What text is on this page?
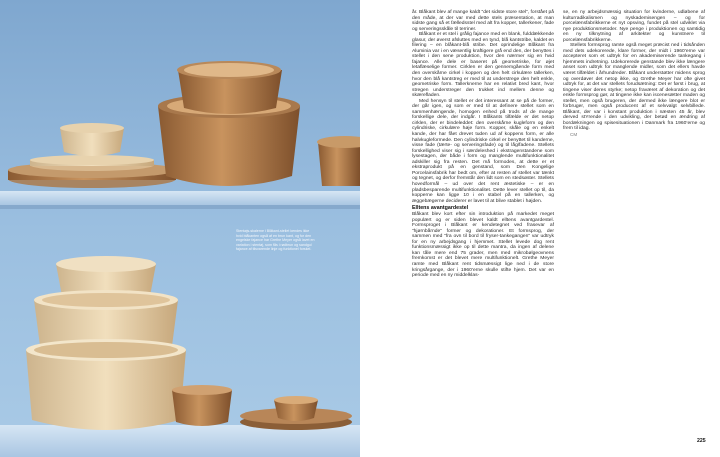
Stentøjs-skalerne i Blåkant-stellet kendes ikke hvid blåkanten også af en brun kant, og for den engelske fajance har Grethe Meyer også lavet en variation i stentøj, som fås i rødbrun og sandgul fajance af tilsvarende linje og funktionel forskel.

år. Blåkant blev af mange kaldt ”det sidste store stel”, forstået på den måde, at der var med dette stels præsentation, at man sidste gang så et fælledsstel med alt fra kopper, tallerkener, fade og serveringsskåle til terriner.

Blåkant er et stel i grålig fajance med en blank, fulddækkende glasur, der øverst afsluttes med en tynd, blå kantstribe, kaldet en filering – en blåkant-blå stribe. Det oprindelige Blåkant fra Aluminia var i en væsentlig kraftigere grå end den, der benyttes i stellet i den sene produktion, hvor den nærmer sig en hvid fajance. Alle dele er baseret på geometriske, for øjet letaflæselige former. Cirklen er den gennemgående form med den overskårne cirkel i koppen og den helt cirkulære tallerken, hvor den blå kantstreg er med til at understrege den helt enkle, geometriske form. Tallerknerne har en relativt bred kant, hvor stregen understreger den trukket ind mellem denne og skærefladen.

Med hensyn til stellet er det interessant at se på de former, der går igen, og som er med til at definere stellet som en sammenhængende, homogen enhed på trods af de mange forskellige dele, der indgår. I Blåkants tilfælde er det netop cirklen, der er bindeleddet: den overskårne kugleform og den cylindriske, cirkulære høje form. Kopper, skåle og en enkelt kande, der har fået drevet tuden ud af koppens form, er alle halvkugleformede. Den cylindriske cirkel er benyttet til kanderne, visse fade (tærte- og serveringsfade) og til låg/fadene. Stellets forskellighed viser sig i særdeleshed i ekstragenstandene som lysestagen, der både i form og manglende multifunktionalitet adskiller sig fra resten. Det må formodes, at dette er et ekstraprodukt på en genstand, som Den Kongelige Porcelainsfabrik har bedt om, efter at resten af stellet var tænkt og tegnet, og derfor fremstår den lidt som en stedsøster. Stellets hovedformål – ud over det rent æstetiske – er en pladsbesparende multifunktionalitet. Dette lever stellet op til, da kopperne kan ligge 10 i en stabel på en tallerken, og æggebægerne deciderer er lavet til at blive stablet i højden.

Elltens avantgardestel

Blåkant blev kort efter sin introduktion på markedet meget populært og er siden blevet kaldt elltens avantgardestel. Formsproget i Blåkant er kendetegnet ved frasevar af ”hjørnbårnde” former og dekorationer. Et formsprog, der sammen med ”fra ovn til bord til fryser-tankegangen” var udtryk for en ny arbejdsgang i hjemmet. Stellet levede dog rent funktionsmæssigt ikke op til dette mantra, da ingen af delene kan tåle mere end 75 grader, men med mikrobølgeovnens fremkomst er det blevet mere multifunktionelt. Grethe Meyer ramte med Blåkant rent tidsmæssigt lige ned i de store kringsårgange, der i 1960’erne skulle stifte hjem. Det var en periode med en ny middelklas-

se, en ny arbejdsmæssig situation for kvinderne, udløbene af kulturradikalismen og nyskademisengen – og for porcelænsfabrikkerne et nyt opsving, fundet på stel udviklet via nye produktionsmetoder. Nye penge i produktionen og samtidig en ny tilknytning af arkitekter og kunstnere til porcelænsfabrikkerne.

Stellets formsprog ramte også meget præcist ned i tidsånden med dets udekorerede, klare former, der midt i 1960’erne var accepteret som et udtryk for en akademiserende tankegang i hjemmets indretning. Udekorerede genstande blev ikke længere anset som udtryk for manglende midler, som det ellers havde været tilfældet i århundreder. Blåkant understøtter midens sprog og overdøver det netop ikke, og Grethe Meyer har ofte givet udtryk for, at det var stellets forudsætning: Det er først i brug, at tingene viser deres styrke; netop fraværet af dekoration og det enkle formsprog gør, at tingene ikke kan iscenesætter maden og stellet, men også brugeren, der dermed ikke længere blot er forbruger, men også producent af et selvvalgt selvbillede. Blåkant, der var i konstant produktion i næsten 45 år, blev derved stYrende i den udvikling, der betød en ændring af bordækningen og spisesituationen i Danmark fra 1960’erne og frem til idag.

CM

225
